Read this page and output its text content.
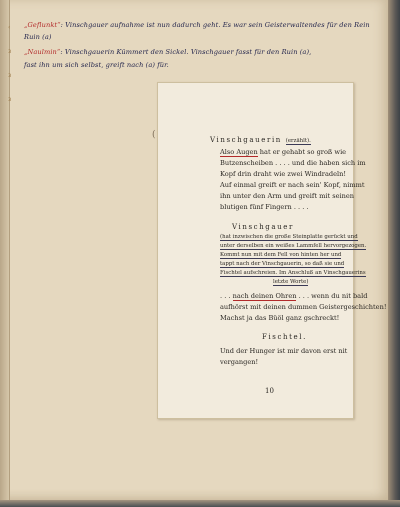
‹
ɜ
ɜ
ɜ
„Geflunkt“: Vinschgauer aufnahme ist nun dadurch geht. Es war sein Geisterwaltendes für den Rein
Ruin (a)
„Naulmin“: Vinschgauerin Kümmert den Sickel. Vinschgauer fasst für den Ruin (a),
fast ihn um sich selbst, greift nach (a) für.
(	Vinschgauerin (erzählt).
Also Augen hat er gehabt so groß wie
Butzenscheiben . . . . und die haben sich im
Kopf drin draht wie zwei Windradeln!
Auf einmal greift er nach sein' Kopf, nimmt
ihn unter den Arm und greift mit seinen
blutigen fünf Fingern . . . .
Vinschgauer
(hat inzwischen die große Steinplatte gerückt und
unter derselben ein weißes Lammfell hervorgezogen.
Kommt nun mit dem Fell von hinten her und
tappt nach der Vinschgauerin, so daß sie und
Fischtel aufschreien. Im Anschluß an Vinschgauerins
letzte Worte)
. . . nach deinen Ohren . . . wenn du nit bald
aufhörst mit deinen dummen Geistergeschichten!
Machst ja das Büöl ganz gschreckt!
Fischtel.
Und der Hunger ist mir davon erst nit
vergangen!
10
